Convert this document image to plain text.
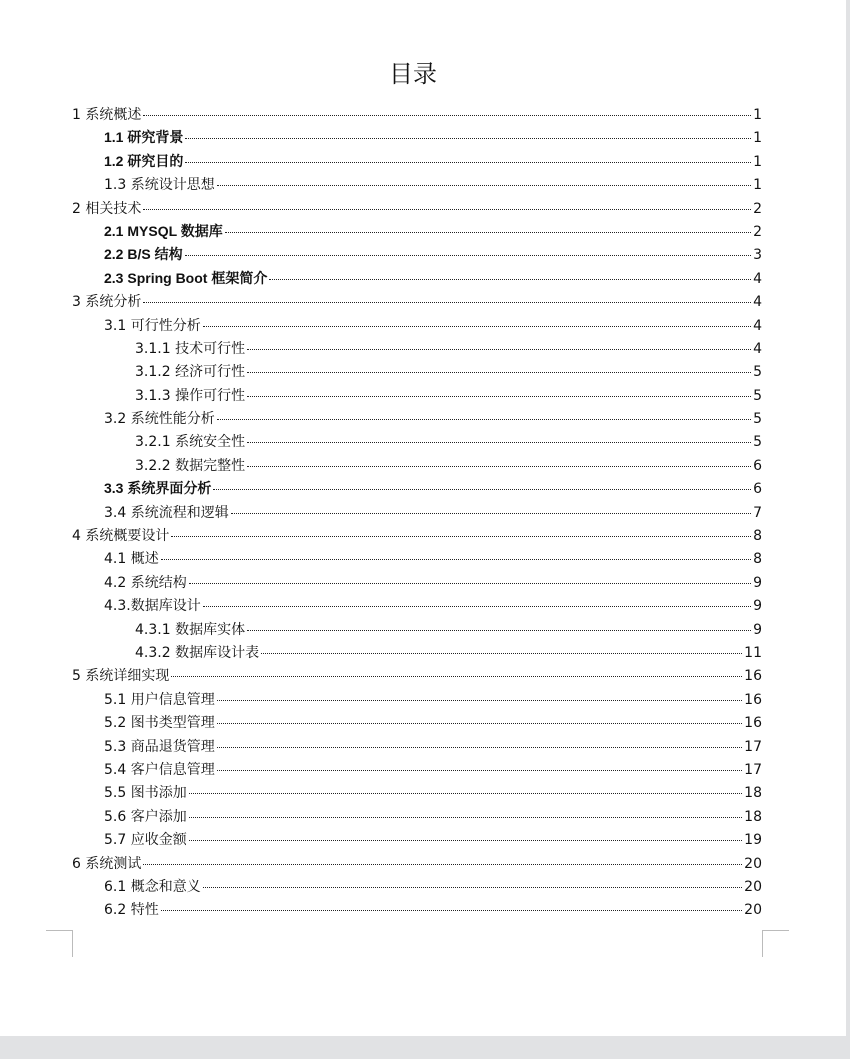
目录
1 系统概述	1
1.1 研究背景	1
1.2 研究目的	1
1.3 系统设计思想	1
2 相关技术	2
2.1 MYSQL 数据库	2
2.2 B/S 结构	3
2.3 Spring Boot 框架简介	4
3 系统分析	4
3.1 可行性分析	4
3.1.1 技术可行性	4
3.1.2 经济可行性	5
3.1.3 操作可行性	5
3.2 系统性能分析	5
3.2.1 系统安全性	5
3.2.2 数据完整性	6
3.3 系统界面分析	6
3.4 系统流程和逻辑	7
4 系统概要设计	8
4.1 概述	8
4.2 系统结构	9
4.3.数据库设计	9
4.3.1 数据库实体	9
4.3.2 数据库设计表	11
5 系统详细实现	16
5.1 用户信息管理	16
5.2 图书类型管理	16
5.3 商品退货管理	17
5.4 客户信息管理	17
5.5 图书添加	18
5.6 客户添加	18
5.7 应收金额	19
6 系统测试	20
6.1 概念和意义	20
6.2 特性	20
